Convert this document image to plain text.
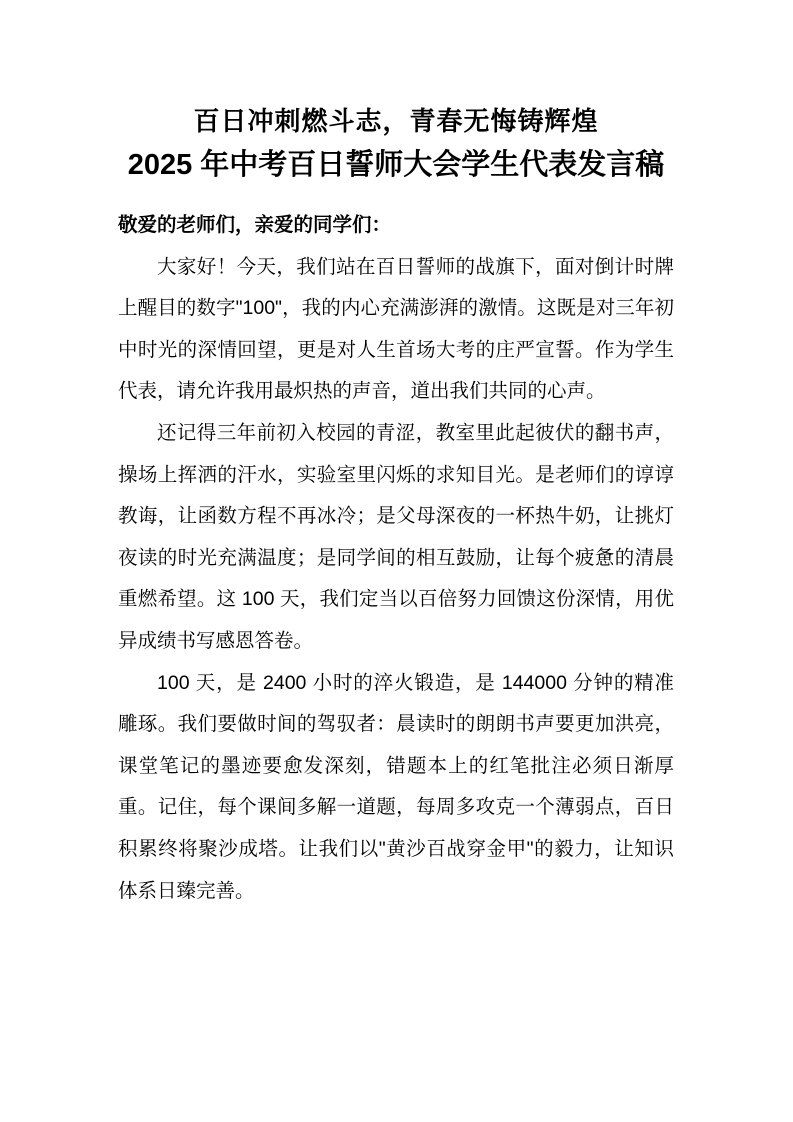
百日冲刺燃斗志，青春无悔铸辉煌
2025 年中考百日誓师大会学生代表发言稿

敬爱的老师们，亲爱的同学们：

大家好！今天，我们站在百日誓师的战旗下，面对倒计时牌上醒目的数字"100"，我的内心充满澎湃的激情。这既是对三年初中时光的深情回望，更是对人生首场大考的庄严宣誓。作为学生代表，请允许我用最炽热的声音，道出我们共同的心声。

还记得三年前初入校园的青涩，教室里此起彼伏的翻书声，操场上挥洒的汗水，实验室里闪烁的求知目光。是老师们的谆谆教诲，让函数方程不再冰冷；是父母深夜的一杯热牛奶，让挑灯夜读的时光充满温度；是同学间的相互鼓励，让每个疲惫的清晨重燃希望。这 100 天，我们定当以百倍努力回馈这份深情，用优异成绩书写感恩答卷。

100 天，是 2400 小时的淬火锻造，是 144000 分钟的精准雕琢。我们要做时间的驾驭者：晨读时的朗朗书声要更加洪亮，课堂笔记的墨迹要愈发深刻，错题本上的红笔批注必须日渐厚重。记住，每个课间多解一道题，每周多攻克一个薄弱点，百日积累终将聚沙成塔。让我们以"黄沙百战穿金甲"的毅力，让知识体系日臻完善。
